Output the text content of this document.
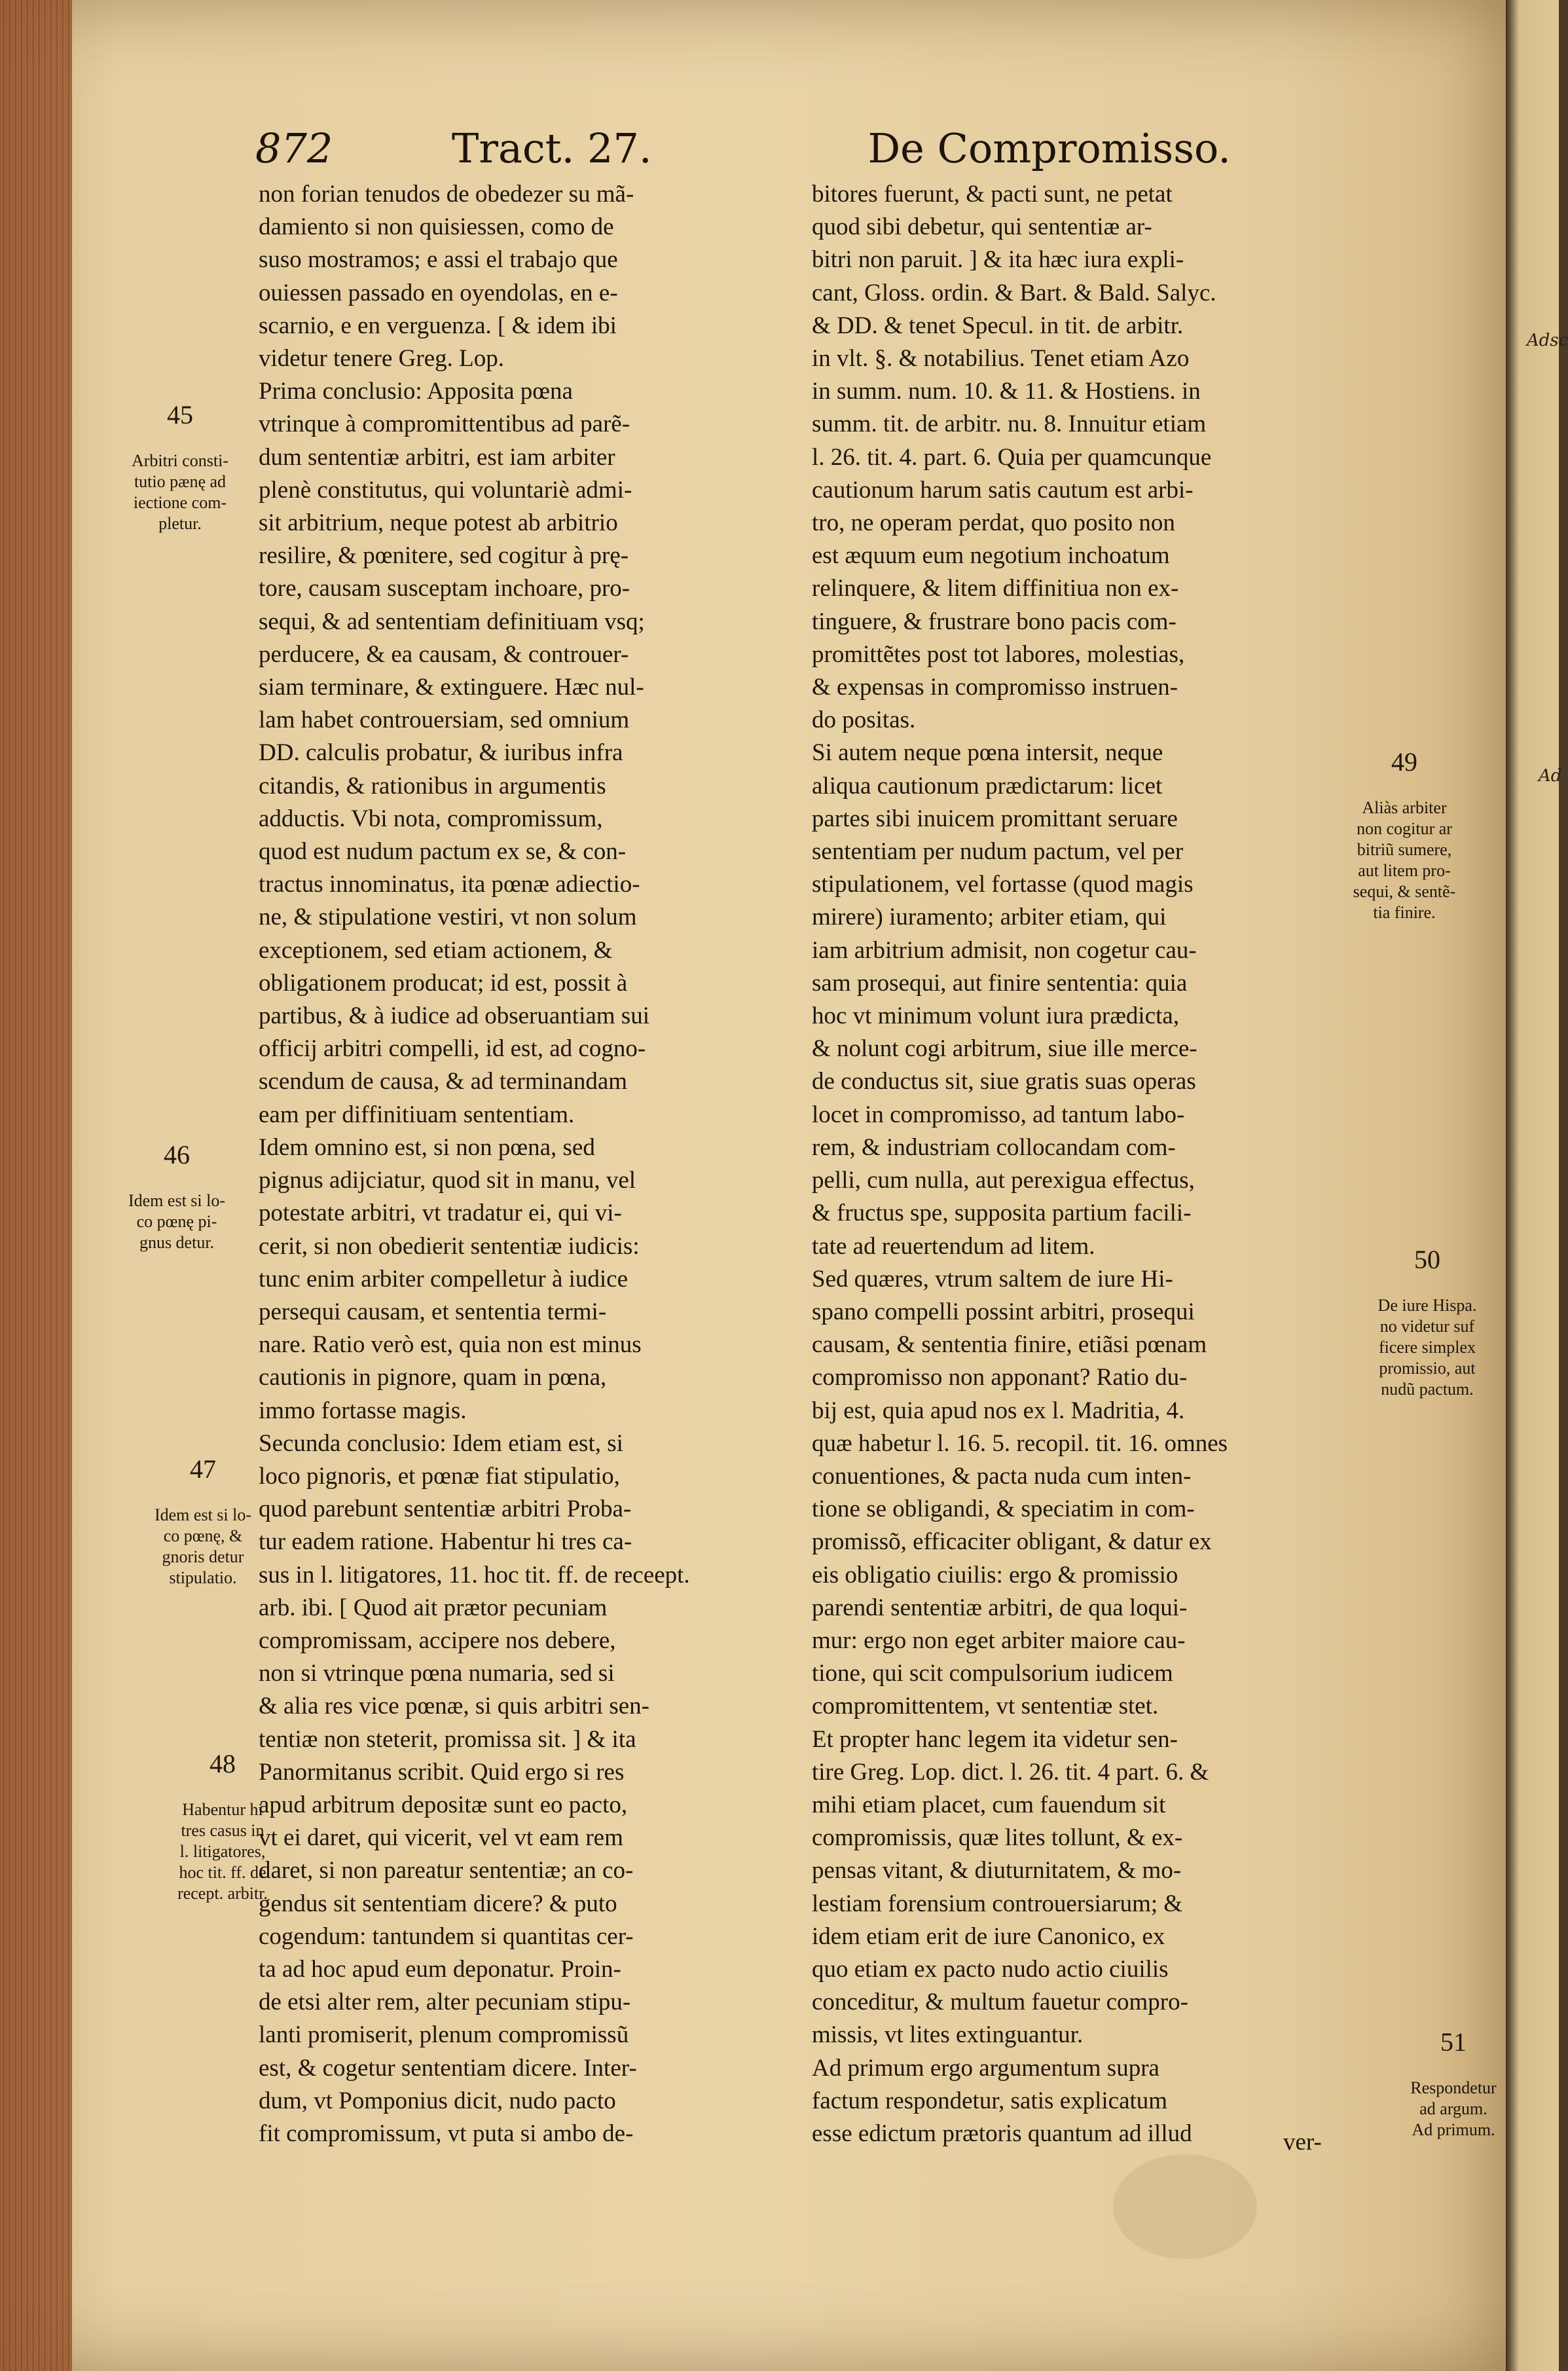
872	Tract. 27.	De Compromisso.
non forian tenudos de obedezer su mã-
damiento si non quisiessen, como de
suso mostramos; e assi el trabajo que
ouiessen passado en oyendolas, en e-
scarnio, e en verguenza. [ & idem ibi
videtur tenere Greg. Lop.
Prima conclusio: Apposita pœna
vtrinque à compromittentibus ad parẽ-
dum sententiæ arbitri, est iam arbiter
plenè constitutus, qui voluntariè admi-
sit arbitrium, neque potest ab arbitrio
resilire, & pœnitere, sed cogitur à prę-
tore, causam susceptam inchoare, pro-
sequi, & ad sententiam definitiuam vsq;
perducere, & ea causam, & controuer-
siam terminare, & extinguere. Hæc nul-
lam habet controuersiam, sed omnium
DD. calculis probatur, & iuribus infra
citandis, & rationibus in argumentis
adductis. Vbi nota, compromissum,
quod est nudum pactum ex se, & con-
tractus innominatus, ita pœnæ adiectio-
ne, & stipulatione vestiri, vt non solum
exceptionem, sed etiam actionem, &
obligationem producat; id est, possit à
partibus, & à iudice ad obseruantiam sui
officij arbitri compelli, id est, ad cogno-
scendum de causa, & ad terminandam
eam per diffinitiuam sententiam.
Idem omnino est, si non pœna, sed
pignus adijciatur, quod sit in manu, vel
potestate arbitri, vt tradatur ei, qui vi-
cerit, si non obedierit sententiæ iudicis:
tunc enim arbiter compelletur à iudice
persequi causam, et sententia termi-
nare. Ratio verò est, quia non est minus
cautionis in pignore, quam in pœna,
immo fortasse magis.
Secunda conclusio: Idem etiam est, si
loco pignoris, et pœnæ fiat stipulatio,
quod parebunt sententiæ arbitri Proba-
tur eadem ratione. Habentur hi tres ca-
sus in l. litigatores, 11. hoc tit. ff. de receept.
arb. ibi. [ Quod ait prætor pecuniam
compromissam, accipere nos debere,
non si vtrinque pœna numaria, sed si
& alia res vice pœnæ, si quis arbitri sen-
tentiæ non steterit, promissa sit. ] & ita
Panormitanus scribit. Quid ergo si res
apud arbitrum depositæ sunt eo pacto,
vt ei daret, qui vicerit, vel vt eam rem
daret, si non pareatur sententiæ; an co-
gendus sit sententiam dicere? & puto
cogendum: tantundem si quantitas cer-
ta ad hoc apud eum deponatur. Proin-
de etsi alter rem, alter pecuniam stipu-
lanti promiserit, plenum compromissũ
est, & cogetur sententiam dicere. Inter-
dum, vt Pomponius dicit, nudo pacto
fit compromissum, vt puta si ambo de-
bitores fuerunt, & pacti sunt, ne petat
quod sibi debetur, qui sententiæ ar-
bitri non paruit. ] & ita hæc iura expli-
cant, Gloss. ordin. & Bart. & Bald. Salyc.
& DD. & tenet Specul. in tit. de arbitr.
in vlt. §. & notabilius. Tenet etiam Azo
in summ. num. 10. & 11. & Hostiens. in
summ. tit. de arbitr. nu. 8. Innuitur etiam
l. 26. tit. 4. part. 6. Quia per quamcunque
cautionum harum satis cautum est arbi-
tro, ne operam perdat, quo posito non
est æquum eum negotium inchoatum
relinquere, & litem diffinitiua non ex-
tinguere, & frustrare bono pacis com-
promittẽtes post tot labores, molestias,
& expensas in compromisso instruen-
do positas.
Si autem neque pœna intersit, neque
aliqua cautionum prædictarum: licet
partes sibi inuicem promittant seruare
sententiam per nudum pactum, vel per
stipulationem, vel fortasse (quod magis
mirere) iuramento; arbiter etiam, qui
iam arbitrium admisit, non cogetur cau-
sam prosequi, aut finire sententia: quia
hoc vt minimum volunt iura prædicta,
& nolunt cogi arbitrum, siue ille merce-
de conductus sit, siue gratis suas operas
locet in compromisso, ad tantum labo-
rem, & industriam collocandam com-
pelli, cum nulla, aut perexigua effectus,
& fructus spe, supposita partium facili-
tate ad reuertendum ad litem.
Sed quæres, vtrum saltem de iure Hi-
spano compelli possint arbitri, prosequi
causam, & sententia finire, etiãsi pœnam
compromisso non apponant? Ratio du-
bij est, quia apud nos ex l. Madritia, 4.
quæ habetur l. 16. 5. recopil. tit. 16. omnes
conuentiones, & pacta nuda cum inten-
tione se obligandi, & speciatim in com-
promissõ, efficaciter obligant, & datur ex
eis obligatio ciuilis: ergo & promissio
parendi sententiæ arbitri, de qua loqui-
mur: ergo non eget arbiter maiore cau-
tione, qui scit compulsorium iudicem
compromittentem, vt sententiæ stet.
Et propter hanc legem ita videtur sen-
tire Greg. Lop. dict. l. 26. tit. 4 part. 6. &
mihi etiam placet, cum fauendum sit
compromissis, quæ lites tollunt, & ex-
pensas vitant, & diuturnitatem, & mo-
lestiam forensium controuersiarum; &
idem etiam erit de iure Canonico, ex
quo etiam ex pacto nudo actio ciuilis
conceditur, & multum fauetur compro-
missis, vt lites extinguantur.
Ad primum ergo argumentum supra
factum respondetur, satis explicatum
esse edictum prætoris quantum ad illud

45

Arbitri consti-
tutio pænę ad
iectione com-
pletur.

46

Idem est si lo-
co pœnę pi-
gnus detur.

47

Idem est si lo-
co pœnę, &
gnoris detur
stipulatio.

48

Habentur hi
tres casus in
l. litigatores,
hoc tit. ff. de
recept. arbitr.

49

Aliàs arbiter
non cogitur ar
bitriũ sumere,
aut litem pro-
sequi, & sentẽ-
tia finire.

50

De iure Hispa.
no videtur suf
ficere simplex
promissio, aut
nudũ pactum.

51

Respondetur
ad argum.
Ad primum.

ver-
Adsc
Ad
